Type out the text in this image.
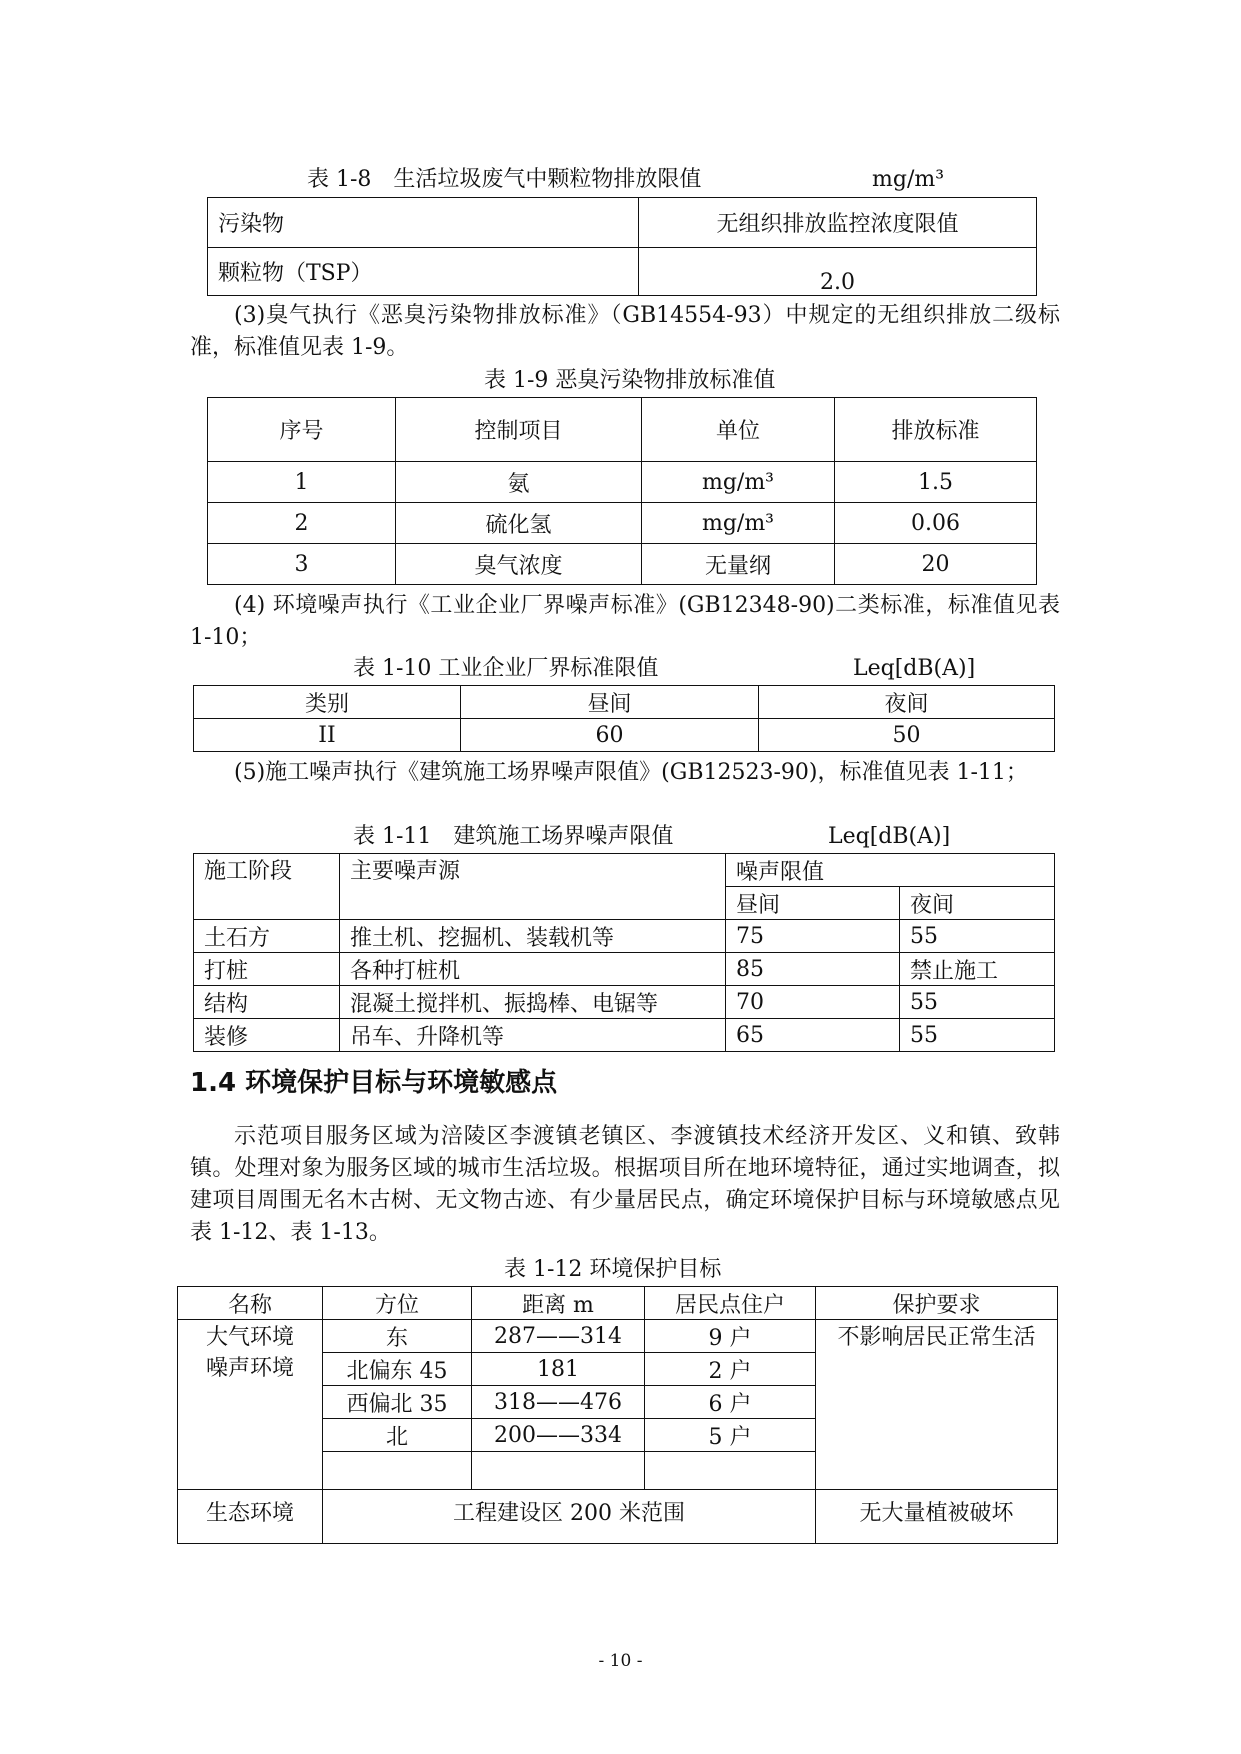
表 1-8　生活垃圾废气中颗粒物排放限值	mg/m³
污染物	无组织排放监控浓度限值
颗粒物（TSP）	2.0
(3)臭气执行《恶臭污染物排放标准》（GB14554-93）中规定的无组织排放二级标准，标准值见表 1-9。
表 1-9 恶臭污染物排放标准值
序号	控制项目	单位	排放标准
1	氨	mg/m³	1.5
2	硫化氢	mg/m³	0.06
3	臭气浓度	无量纲	20
(4) 环境噪声执行《工业企业厂界噪声标准》(GB12348-90)二类标准，标准值见表 1-10；
表 1-10 工业企业厂界标准限值	Leq[dB(A)]
类别	昼间	夜间
II	60	50
(5)施工噪声执行《建筑施工场界噪声限值》(GB12523-90)，标准值见表 1-11；
表 1-11　建筑施工场界噪声限值	Leq[dB(A)]
施工阶段	主要噪声源	噪声限值	
		昼间	夜间
土石方	推土机、挖掘机、装载机等	75	55
打桩	各种打桩机	85	禁止施工
结构	混凝土搅拌机、振捣棒、电锯等	70	55
装修	吊车、升降机等	65	55
1.4 环境保护目标与环境敏感点
示范项目服务区域为涪陵区李渡镇老镇区、李渡镇技术经济开发区、义和镇、致韩镇。处理对象为服务区域的城市生活垃圾。根据项目所在地环境特征，通过实地调查，拟建项目周围无名木古树、无文物古迹、有少量居民点，确定环境保护目标与环境敏感点见表 1-12、表 1-13。
表 1-12 环境保护目标
名称	方位	距离 m	居民点住户	保护要求

大气环境
噪声环境	东	287——314	9 户	不影响居民正常生活
	北偏东 45	181	2 户	
	西偏北 35	318——476	6 户	
	北	200——334	5 户	

生态环境	工程建设区 200 米范围			无大量植被破坏
- 10 -
